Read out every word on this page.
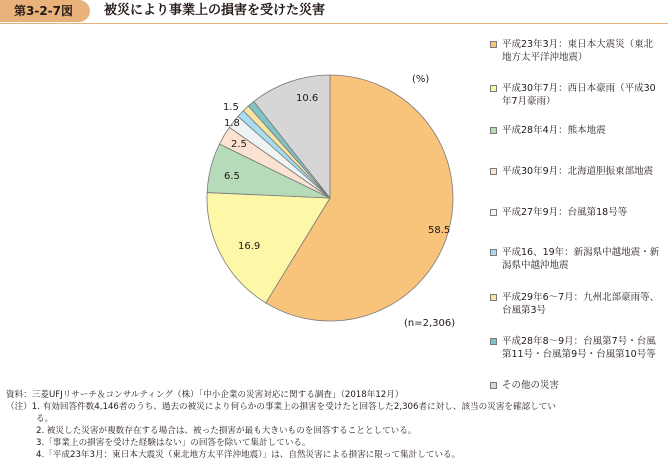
第3-2-7図	被災により事業上の損害を受けた災害
58.5
16.9
6.5
2.5
1.8
10.6
1.5
(%)
(n=2,306)
平成23年3月：東日本大震災（東北
地方太平洋沖地震）
平成30年7月：西日本豪雨（平成30
年7月豪雨）
平成28年4月：熊本地震
平成30年9月：北海道胆振東部地震
平成27年9月：台風第18号等
平成16、19年：新潟県中越地震・新
潟県中越沖地震
平成29年6～7月：九州北部豪雨等、
台風第3号
平成28年8～9月：台風第7号・台風
第11号・台風第9号・台風第10号等
その他の災害
資料：三菱UFJリサーチ＆コンサルティング（株）「中小企業の災害対応に関する調査」（2018年12月）
（注）1. 有効回答件数4,146者のうち、過去の被災により何らかの事業上の損害を受けたと回答した2,306者に対し、該当の災害を確認してい
る。
2. 被災した災害が複数存在する場合は、被った損害が最も大きいものを回答することとしている。
3.「事業上の損害を受けた経験はない」の回答を除いて集計している。
4.「平成23年3月：東日本大震災（東北地方太平洋沖地震）」は、自然災害による損害に限って集計している。
